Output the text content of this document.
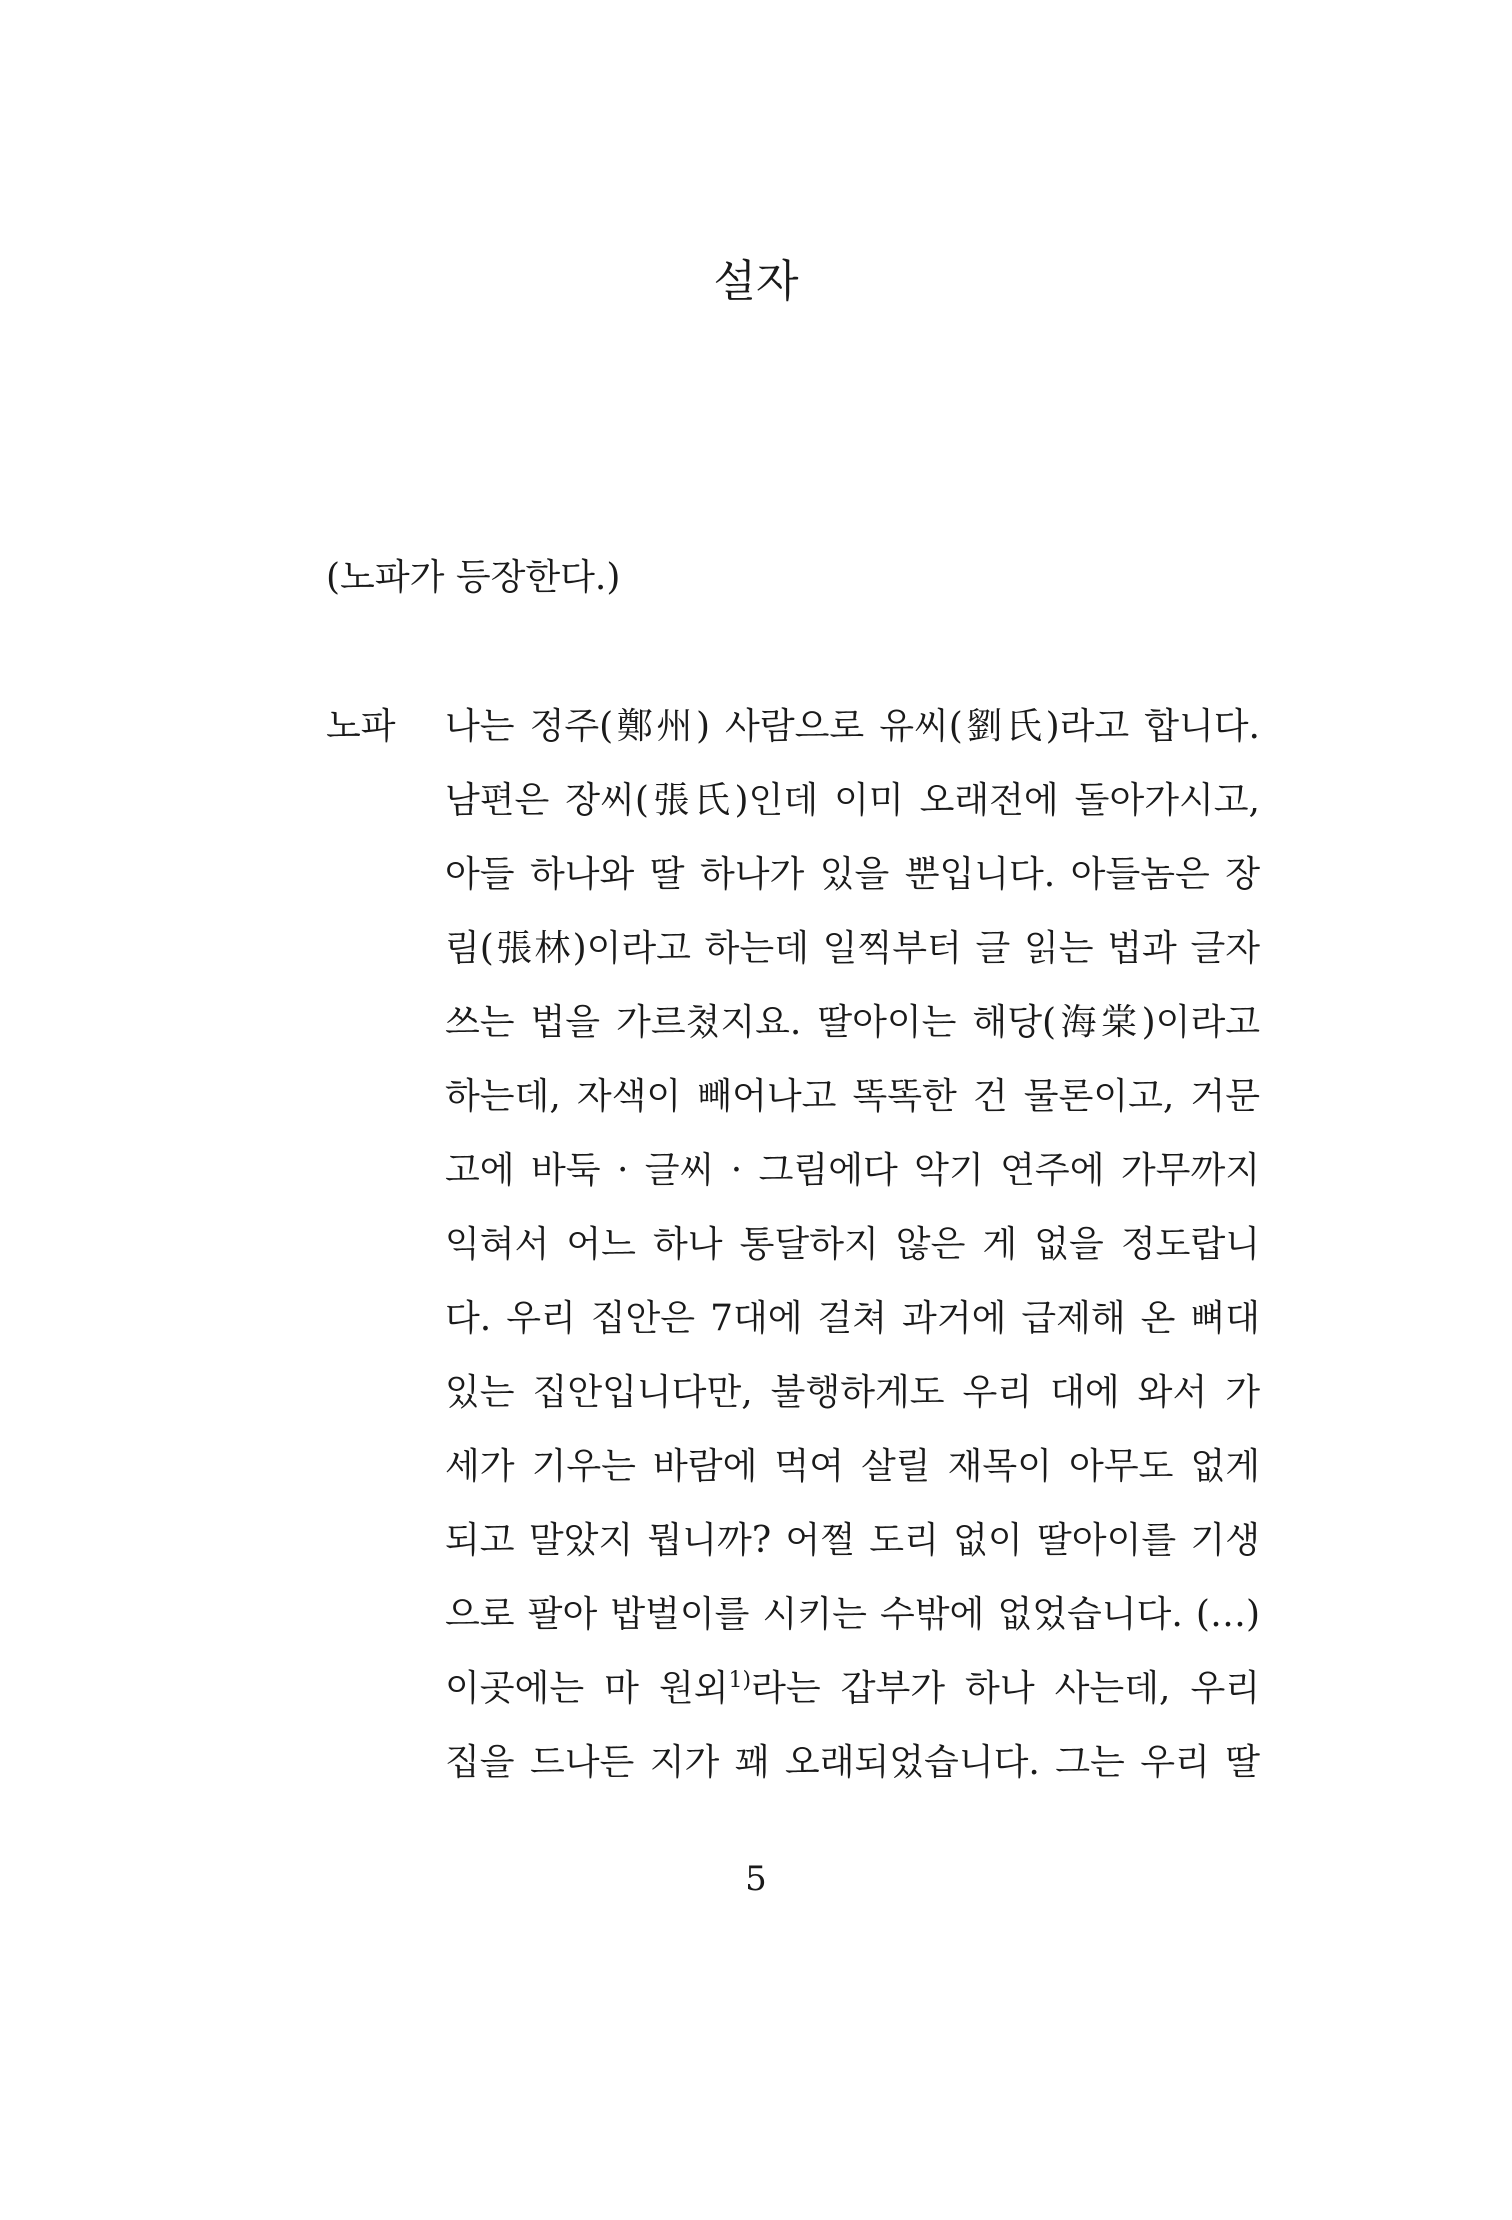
설자
(노파가 등장한다.)
노파 나는 정주(鄭州) 사람으로 유씨(劉氏)라고 합니다.
남편은 장씨(張氏)인데 이미 오래전에 돌아가시고,
아들 하나와 딸 하나가 있을 뿐입니다. 아들놈은 장
림(張林)이라고 하는데 일찍부터 글 읽는 법과 글자
쓰는 법을 가르쳤지요. 딸아이는 해당(海棠)이라고
하는데, 자색이 빼어나고 똑똑한 건 물론이고, 거문
고에 바둑 · 글씨 · 그림에다 악기 연주에 가무까지
익혀서 어느 하나 통달하지 않은 게 없을 정도랍니
다. 우리 집안은 7대에 걸쳐 과거에 급제해 온 뼈대
있는 집안입니다만, 불행하게도 우리 대에 와서 가
세가 기우는 바람에 먹여 살릴 재목이 아무도 없게
되고 말았지 뭡니까? 어쩔 도리 없이 딸아이를 기생
으로 팔아 밥벌이를 시키는 수밖에 없었습니다. (…)
이곳에는 마 원외$^{1)}$라는 갑부가 하나 사는데, 우리
집을 드나든 지가 꽤 오래되었습니다. 그는 우리 딸
5
